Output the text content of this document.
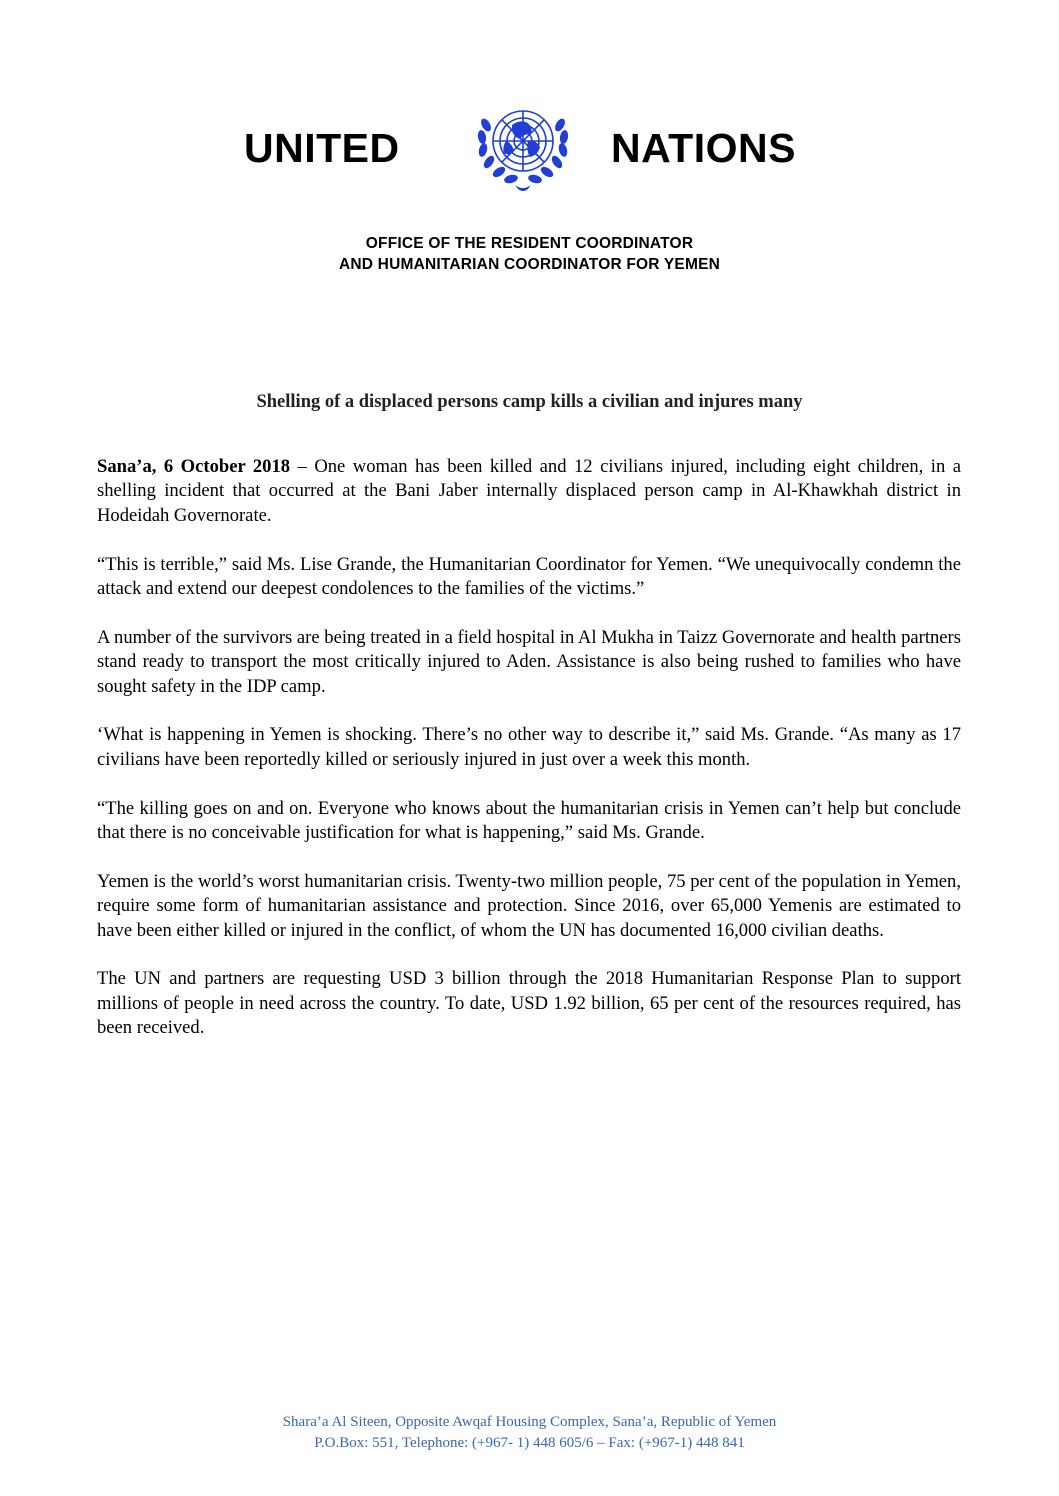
UNITED	NATIONS
OFFICE OF THE RESIDENT COORDINATOR
AND HUMANITARIAN COORDINATOR FOR YEMEN
Shelling of a displaced persons camp kills a civilian and injures many

Sana’a, 6 October 2018 – One woman has been killed and 12 civilians injured, including eight children, in a shelling incident that occurred at the Bani Jaber internally displaced person camp in Al-Khawkhah district in Hodeidah Governorate.

“This is terrible,” said Ms. Lise Grande, the Humanitarian Coordinator for Yemen. “We unequivocally condemn the attack and extend our deepest condolences to the families of the victims.”

A number of the survivors are being treated in a field hospital in Al Mukha in Taizz Governorate and health partners stand ready to transport the most critically injured to Aden. Assistance is also being rushed to families who have sought safety in the IDP camp.

‘What is happening in Yemen is shocking. There’s no other way to describe it,” said Ms. Grande. “As many as 17 civilians have been reportedly killed or seriously injured in just over a week this month.

“The killing goes on and on. Everyone who knows about the humanitarian crisis in Yemen can’t help but conclude that there is no conceivable justification for what is happening,” said Ms. Grande.

Yemen is the world’s worst humanitarian crisis. Twenty-two million people, 75 per cent of the population in Yemen, require some form of humanitarian assistance and protection. Since 2016, over 65,000 Yemenis are estimated to have been either killed or injured in the conflict, of whom the UN has documented 16,000 civilian deaths.

The UN and partners are requesting USD 3 billion through the 2018 Humanitarian Response Plan to support millions of people in need across the country. To date, USD 1.92 billion, 65 per cent of the resources required, has been received.

Shara’a Al Siteen, Opposite Awqaf Housing Complex, Sana’a, Republic of Yemen
P.O.Box: 551, Telephone: (+967- 1) 448 605/6 – Fax: (+967-1) 448 841
